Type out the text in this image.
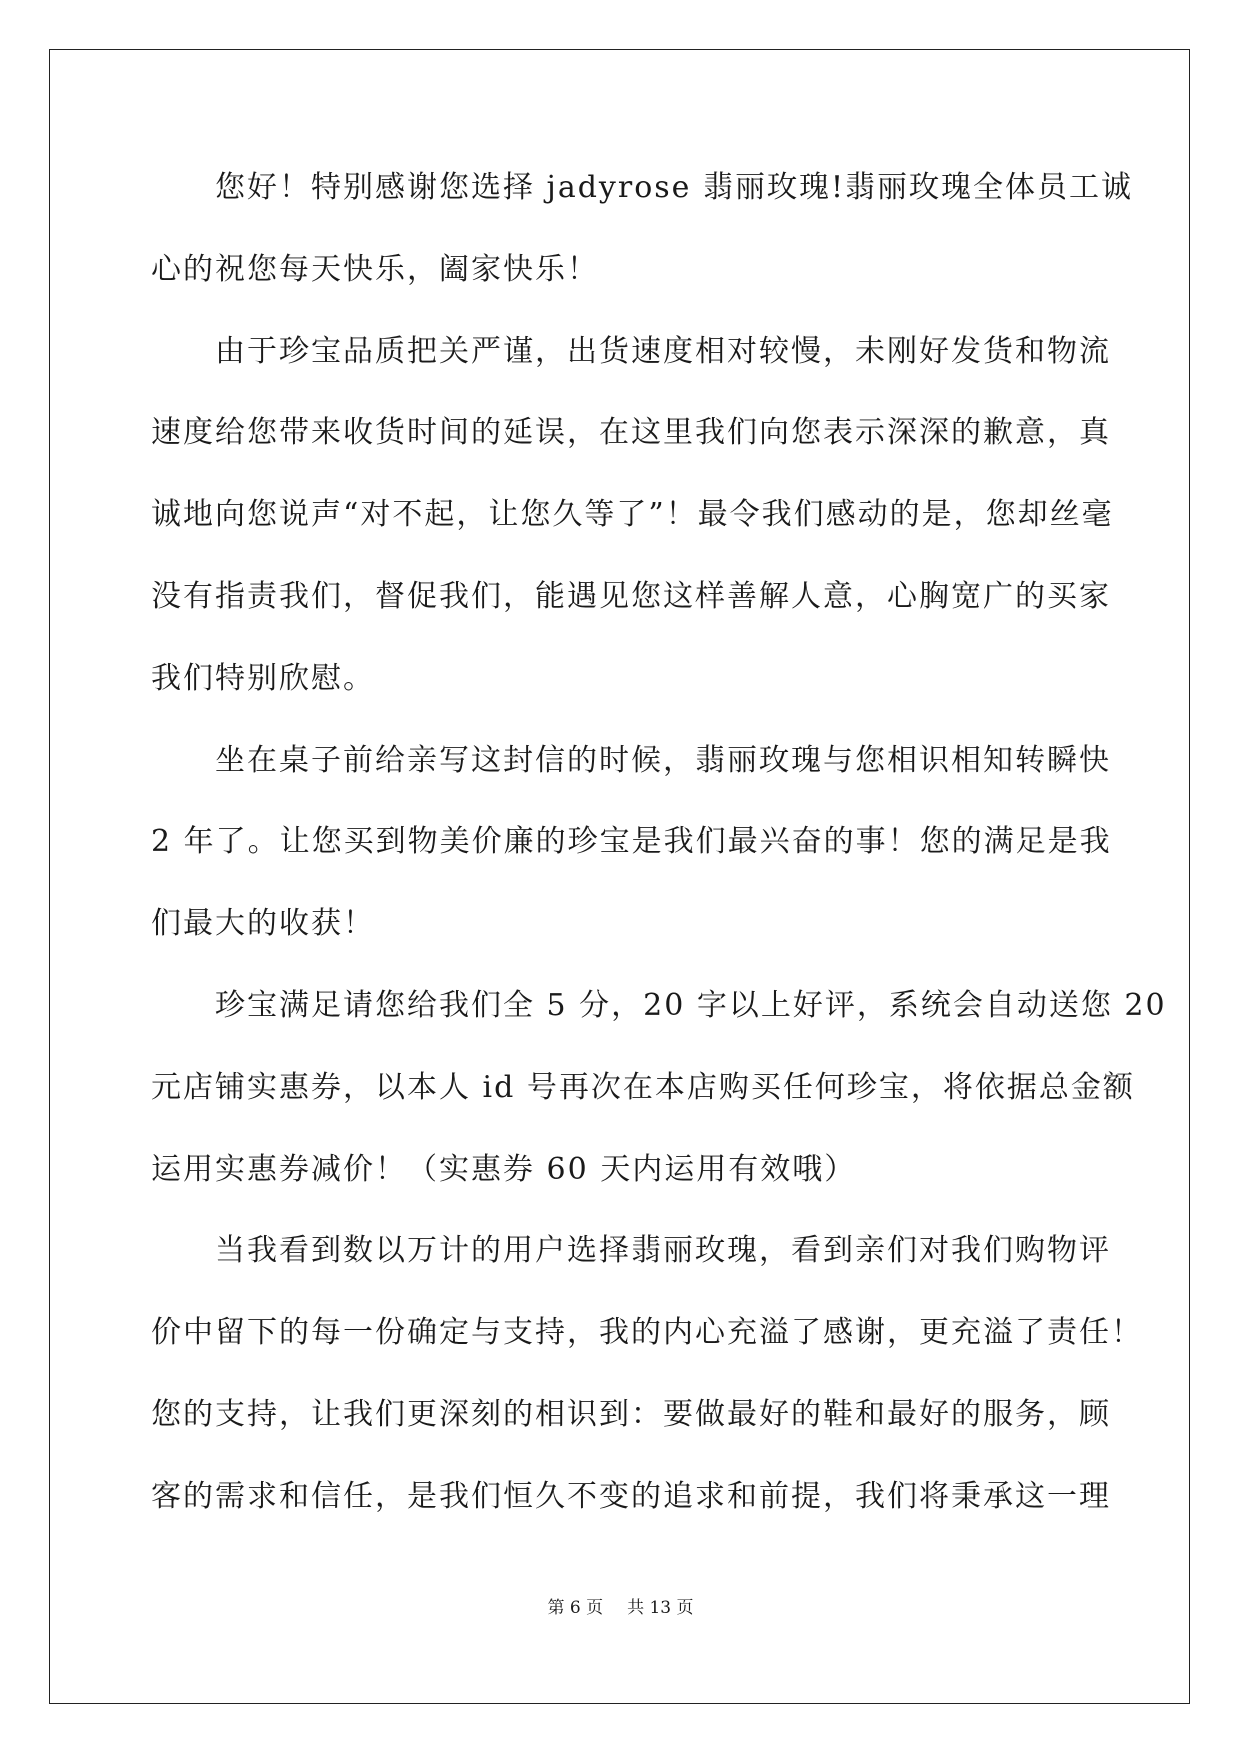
　　您好！特别感谢您选择 jadyrose 翡丽玫瑰!翡丽玫瑰全体员工诚
心的祝您每天快乐，阖家快乐！
　　由于珍宝品质把关严谨，出货速度相对较慢，未刚好发货和物流
速度给您带来收货时间的延误，在这里我们向您表示深深的歉意，真
诚地向您说声“对不起，让您久等了”！最令我们感动的是，您却丝毫
没有指责我们，督促我们，能遇见您这样善解人意，心胸宽广的买家
我们特别欣慰。
　　坐在桌子前给亲写这封信的时候，翡丽玫瑰与您相识相知转瞬快
2 年了。让您买到物美价廉的珍宝是我们最兴奋的事！您的满足是我
们最大的收获！
　　珍宝满足请您给我们全 5 分，20 字以上好评，系统会自动送您 20
元店铺实惠券，以本人 id 号再次在本店购买任何珍宝，将依据总金额
运用实惠券减价！（实惠券 60 天内运用有效哦）
　　当我看到数以万计的用户选择翡丽玫瑰，看到亲们对我们购物评
价中留下的每一份确定与支持，我的内心充溢了感谢，更充溢了责任！
您的支持，让我们更深刻的相识到：要做最好的鞋和最好的服务，顾
客的需求和信任，是我们恒久不变的追求和前提，我们将秉承这一理
第 6 页 共 13 页
